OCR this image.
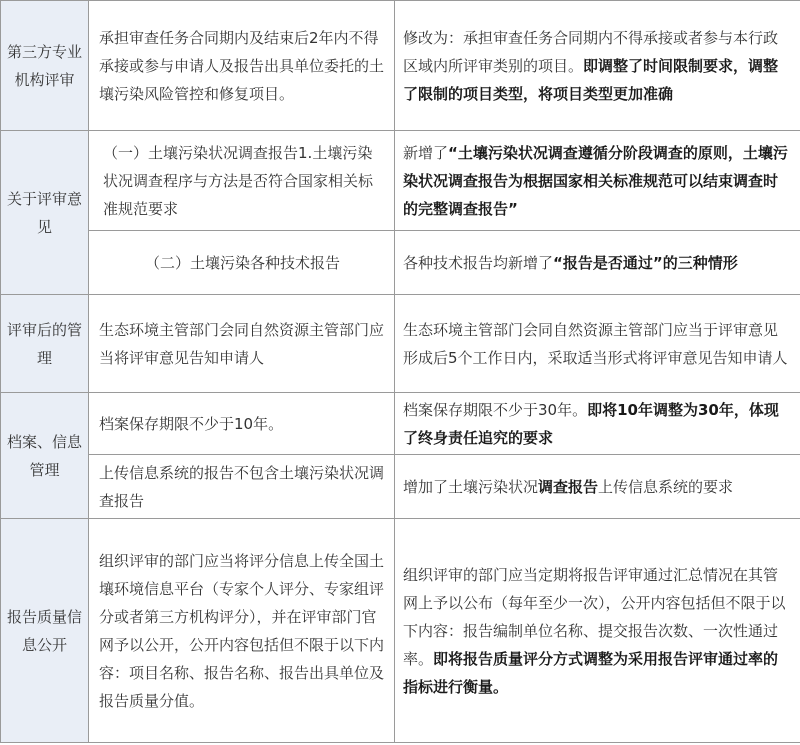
第三方专业机构评审	承担审查任务合同期内及结束后2年内不得承接或参与申请人及报告出具单位委托的土壤污染风险管控和修复项目。	修改为：承担审查任务合同期内不得承接或者参与本行政区域内所评审类别的项目。即调整了时间限制要求，调整了限制的项目类型，将项目类型更加准确
关于评审意见	（一）土壤污染状况调查报告1.土壤污染状况调查程序与方法是否符合国家相关标准规范要求	新增了“土壤污染状况调查遵循分阶段调查的原则，土壤污染状况调查报告为根据国家相关标准规范可以结束调查时的完整调查报告”
	（二）土壤污染各种技术报告	各种技术报告均新增了“报告是否通过”的三种情形
评审后的管理	生态环境主管部门会同自然资源主管部门应当将评审意见告知申请人	生态环境主管部门会同自然资源主管部门应当于评审意见形成后5个工作日内，采取适当形式将评审意见告知申请人
档案、信息管理	档案保存期限不少于10年。	档案保存期限不少于30年。即将10年调整为30年，体现了终身责任追究的要求
	上传信息系统的报告不包含土壤污染状况调查报告	增加了土壤污染状况调查报告上传信息系统的要求
报告质量信息公开	组织评审的部门应当将评分信息上传全国土壤环境信息平台（专家个人评分、专家组评分或者第三方机构评分），并在评审部门官网予以公开，公开内容包括但不限于以下内容：项目名称、报告名称、报告出具单位及报告质量分值。	组织评审的部门应当定期将报告评审通过汇总情况在其管网上予以公布（每年至少一次），公开内容包括但不限于以下内容：报告编制单位名称、提交报告次数、一次性通过率。即将报告质量评分方式调整为采用报告评审通过率的指标进行衡量。
